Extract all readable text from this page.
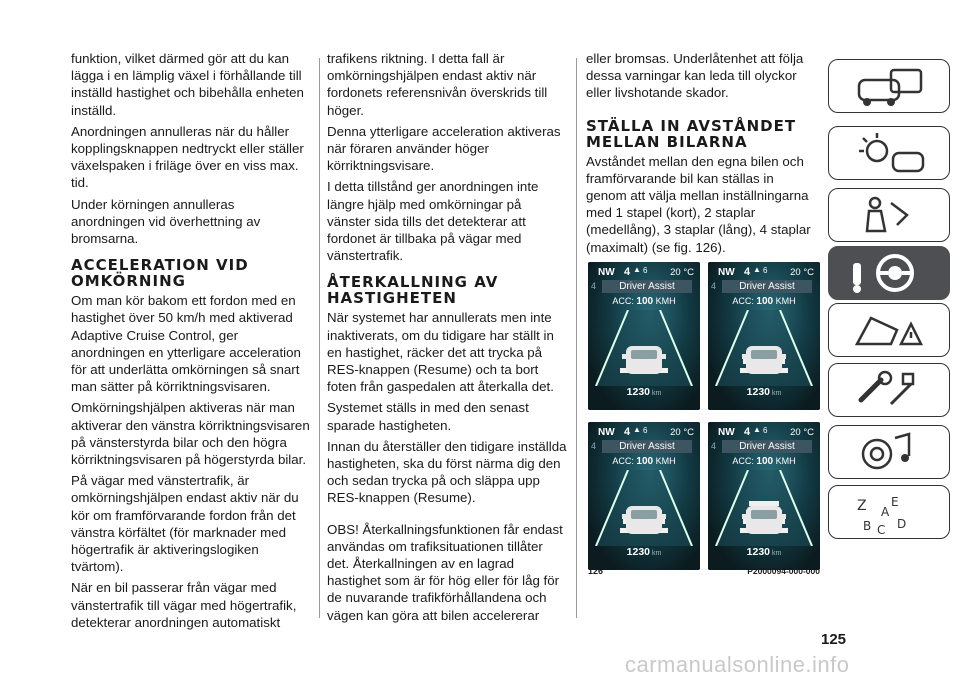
funktion, vilket därmed gör att du kan lägga i en lämplig växel i förhållande till inställd hastighet och bibehålla enheten inställd.

Anordningen annulleras när du håller kopplingsknappen nedtryckt eller ställer växelspaken i friläge över en viss max. tid.

Under körningen annulleras anordningen vid överhettning av bromsarna.

ACCELERATION VID OMKÖRNING

Om man kör bakom ett fordon med en hastighet över 50 km/h med aktiverad Adaptive Cruise Control, ger anordningen en ytterligare acceleration för att underlätta omkörningen så snart man sätter på körriktningsvisaren.

Omkörningshjälpen aktiveras när man aktiverar den vänstra körriktningsvisaren på vänsterstyrda bilar och den högra körriktningsvisaren på högerstyrda bilar.

På vägar med vänstertrafik, är omkörningshjälpen endast aktiv när du kör om framförvarande fordon från det vänstra körfältet (för marknader med högertrafik är aktiveringslogiken tvärtom).

När en bil passerar från vägar med vänstertrafik till vägar med högertrafik, detekterar anordningen automatiskt

trafikens riktning. I detta fall är omkörningshjälpen endast aktiv när fordonets referensnivån överskrids till höger.

Denna ytterligare acceleration aktiveras när föraren använder höger körriktningsvisare.

I detta tillstånd ger anordningen inte längre hjälp med omkörningar på vänster sida tills det detekterar att fordonet är tillbaka på vägar med vänstertrafik.

ÅTERKALLNING AV HASTIGHETEN

När systemet har annullerats men inte inaktiverats, om du tidigare har ställt in en hastighet, räcker det att trycka på RES-knappen (Resume) och ta bort foten från gaspedalen att återkalla det.

Systemet ställs in med den senast sparade hastigheten.

Innan du återställer den tidigare inställda hastigheten, ska du först närma dig den och sedan trycka på och släppa upp RES-knappen (Resume).

OBS! Återkallningsfunktionen får endast användas om trafiksituationen tillåter det. Återkallningen av en lagrad hastighet som är för hög eller för låg för de nuvarande trafikförhållandena och vägen kan göra att bilen accelererar

eller bromsas. Underlåtenhet att följa dessa varningar kan leda till olyckor eller livshotande skador.

STÄLLA IN AVSTÅNDET MELLAN BILARNA

Avståndet mellan den egna bilen och framförvarande bil kan ställas in genom att välja mellan inställningarna med 1 stapel (kort), 2 staplar (medellång), 3 staplar (lång), 4 staplar (maximalt) (se fig. 126).

NW 4 ▲ 6 20 °C
4	Driver Assist
ACC: 100 KMH
1230 km
NW 4 ▲ 6 20 °C
4	Driver Assist
ACC: 100 KMH
1230 km
NW 4 ▲ 6 20 °C
4	Driver Assist
ACC: 100 KMH
1230 km
NW 4 ▲ 6 20 °C
4	Driver Assist
ACC: 100 KMH
1230 km
126	P2000094-000-000
Z E
B C D
A
125
carmanualsonline.info
